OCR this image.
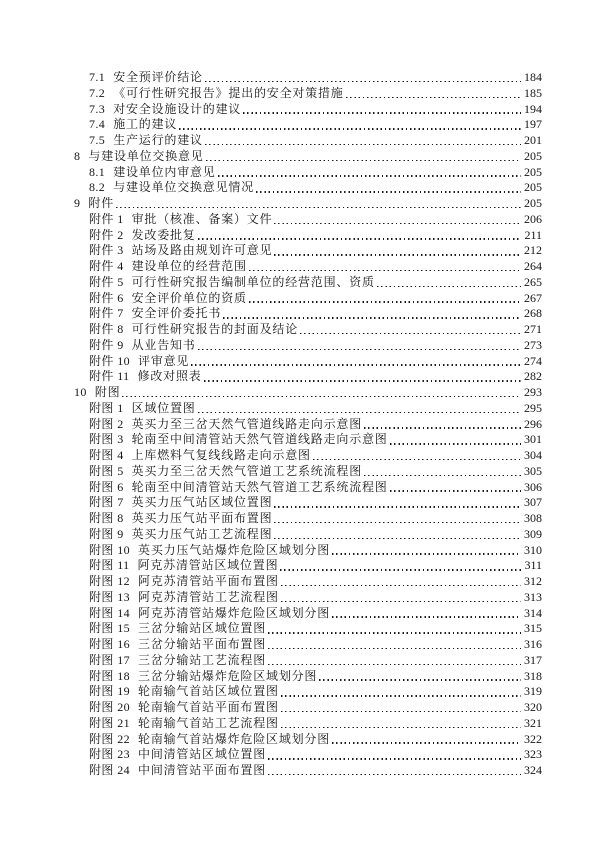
7.1 安全预评价结论	184
7.2 《可行性研究报告》提出的安全对策措施	185
7.3 对安全设施设计的建议	194
7.4 施工的建议	197
7.5 生产运行的建议	201
8 与建设单位交换意见	205
8.1 建设单位内审意见	205
8.2 与建设单位交换意见情况	205
9 附件	205
附件 1 审批（核准、备案）文件	206
附件 2 发改委批复	211
附件 3 站场及路由规划许可意见	212
附件 4 建设单位的经营范围	264
附件 5 可行性研究报告编制单位的经营范围、资质	265
附件 6 安全评价单位的资质	267
附件 7 安全评价委托书	268
附件 8 可行性研究报告的封面及结论	271
附件 9 从业告知书	273
附件 10 评审意见	274
附件 11 修改对照表	282
10 附图	293
附图 1 区域位置图	295
附图 2 英买力至三岔天然气管道线路走向示意图	296
附图 3 轮南至中间清管站天然气管道线路走向示意图	301
附图 4 上库燃料气复线线路走向示意图	304
附图 5 英买力至三岔天然气管道工艺系统流程图	305
附图 6 轮南至中间清管站天然气管道工艺系统流程图	306
附图 7 英买力压气站区域位置图	307
附图 8 英买力压气站平面布置图	308
附图 9 英买力压气站工艺流程图	309
附图 10 英买力压气站爆炸危险区域划分图	310
附图 11 阿克苏清管站区域位置图	311
附图 12 阿克苏清管站平面布置图	312
附图 13 阿克苏清管站工艺流程图	313
附图 14 阿克苏清管站爆炸危险区域划分图	314
附图 15 三岔分输站区域位置图	315
附图 16 三岔分输站平面布置图	316
附图 17 三岔分输站工艺流程图	317
附图 18 三岔分输站爆炸危险区域划分图	318
附图 19 轮南输气首站区域位置图	319
附图 20 轮南输气首站平面布置图	320
附图 21 轮南输气首站工艺流程图	321
附图 22 轮南输气首站爆炸危险区域划分图	322
附图 23 中间清管站区域位置图	323
附图 24 中间清管站平面布置图	324
